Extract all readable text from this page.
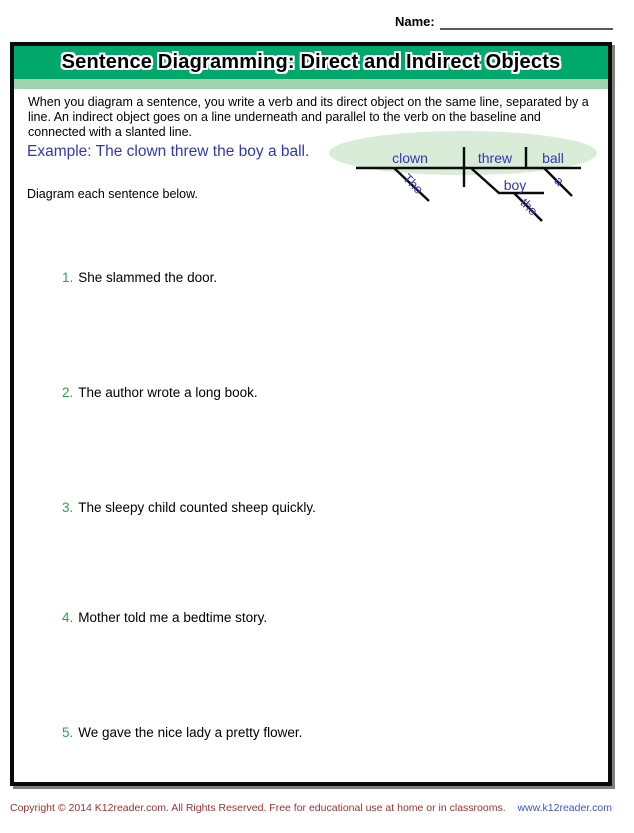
Name:
Sentence Diagramming: Direct and Indirect Objects

When you diagram a sentence, you write a verb and its direct object on the same line, separated by a line. An indirect object goes on a line underneath and parallel to the verb on the baseline and connected with a slanted line.

Example: The clown threw the boy a ball.	clown	threw ball
boy
The
the
a

Diagram each sentence below.

1. She slammed the door.
2. The author wrote a long book.
3. The sleepy child counted sheep quickly.
4. Mother told me a bedtime story.
5. We gave the nice lady a pretty flower.
Copyright © 2014 K12reader.com. All Rights Reserved. Free for educational use at home or in classrooms. www.k12reader.com
